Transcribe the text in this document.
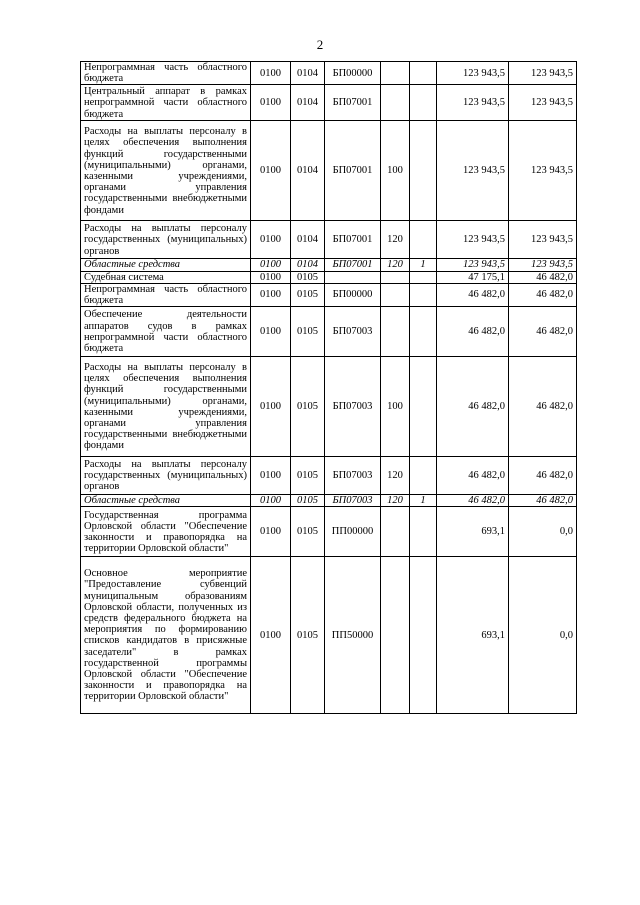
2
Непрограммная часть областного бюджета	0100	0104	БП00000			123 943,5	123 943,5
Центральный аппарат в рамках непрограммной части областного бюджета	0100	0104	БП07001			123 943,5	123 943,5
Расходы на выплаты персоналу в целях обеспечения выполнения функций государственными (муниципальными) органами, казенными учреждениями, органами управления государственными внебюджетными фондами	0100	0104	БП07001	100		123 943,5	123 943,5
Расходы на выплаты персоналу государственных (муниципальных) органов	0100	0104	БП07001	120		123 943,5	123 943,5
Областные средства	0100	0104	БП07001	120	1	123 943,5	123 943,5
Судебная система	0100	0105				47 175,1	46 482,0
Непрограммная часть областного бюджета	0100	0105	БП00000			46 482,0	46 482,0
Обеспечение деятельности аппаратов судов в рамках непрограммной части областного бюджета	0100	0105	БП07003			46 482,0	46 482,0
Расходы на выплаты персоналу в целях обеспечения выполнения функций государственными (муниципальными) органами, казенными учреждениями, органами управления государственными внебюджетными фондами	0100	0105	БП07003	100		46 482,0	46 482,0
Расходы на выплаты персоналу государственных (муниципальных) органов	0100	0105	БП07003	120		46 482,0	46 482,0
Областные средства	0100	0105	БП07003	120	1	46 482,0	46 482,0
Государственная программа Орловской области "Обеспечение законности и правопорядка на территории Орловской области"	0100	0105	ПП00000			693,1	0,0
Основное мероприятие "Предоставление субвенций муниципальным образованиям Орловской области, полученных из средств федерального бюджета на мероприятия по формированию списков кандидатов в присяжные заседатели" в рамках государственной программы Орловской области "Обеспечение законности и правопорядка на территории Орловской области"	0100	0105	ПП50000			693,1	0,0
